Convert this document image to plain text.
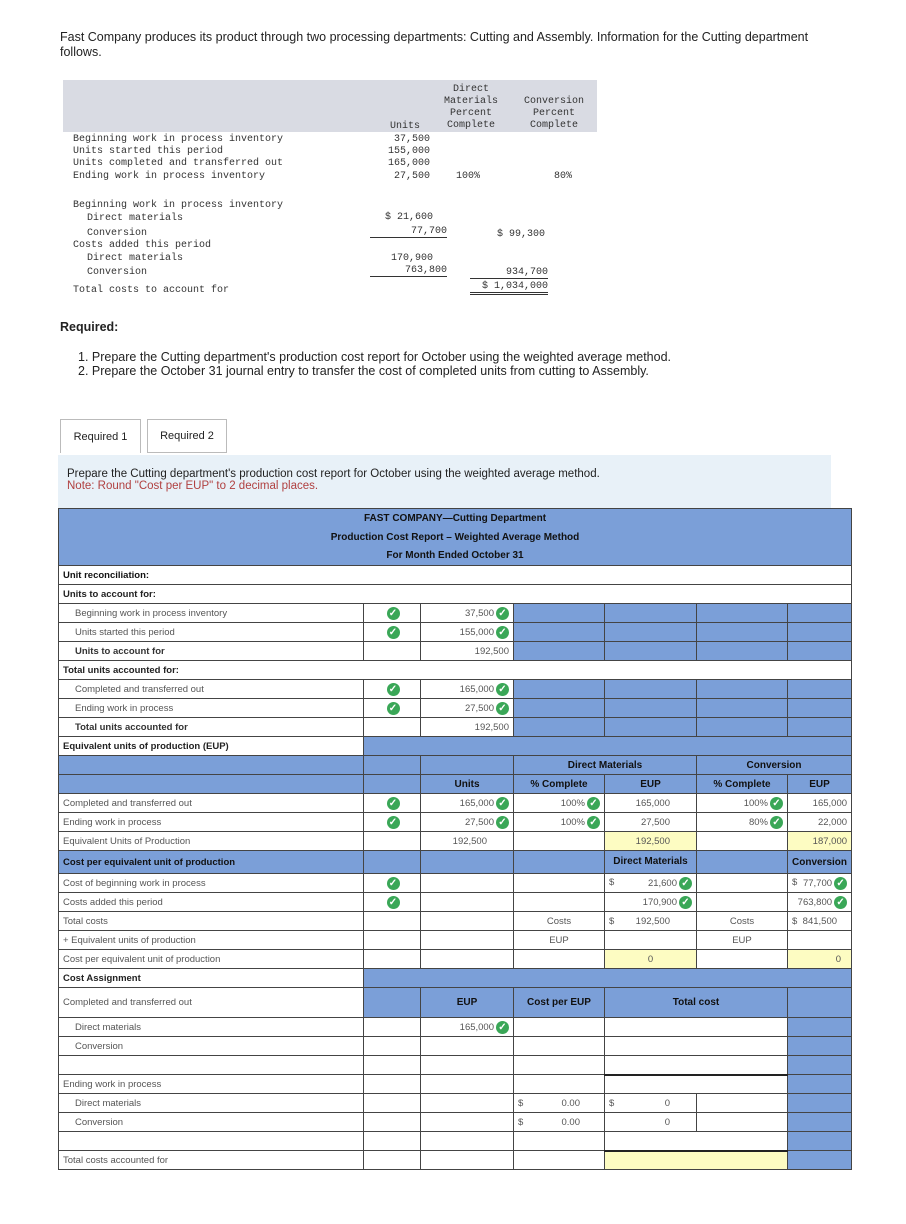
Fast Company produces its product through two processing departments: Cutting and Assembly. Information for the Cutting department follows.
Units
Direct
Materials
Percent
Complete
Conversion
Percent
Complete
Beginning work in process inventory	37,500
Units started this period	155,000
Units completed and transferred out	165,000
Ending work in process inventory	27,500	100%	80%
Beginning work in process inventory
Direct materials	$ 21,600
Conversion	77,700	$ 99,300
Costs added this period
Direct materials	170,900
Conversion	763,800	934,700
Total costs to account for	$ 1,034,000
Required:
1. Prepare the Cutting department's production cost report for October using the weighted average method.
2. Prepare the October 31 journal entry to transfer the cost of completed units from cutting to Assembly.
Required 1	Required 2
Prepare the Cutting department's production cost report for October using the weighted average method.
Note: Round "Cost per EUP" to 2 decimal places.
FAST COMPANY—Cutting Department						
Production Cost Report – Weighted Average Method						
For Month Ended October 31						
Unit reconciliation:						
Units to account for:						
Beginning work in process inventory	✓	37,500 ✓				
Units started this period	✓	155,000 ✓				
Units to account for		192,500				
Total units accounted for:						
Completed and transferred out	✓	165,000 ✓				
Ending work in process	✓	27,500 ✓				
Total units accounted for		192,500				
Equivalent units of production (EUP)						
			Direct Materials		Conversion	
		Units	% Complete	EUP	% Complete	EUP
Completed and transferred out	✓	165,000 ✓	100% ✓	165,000	100% ✓	165,000
Ending work in process	✓	27,500 ✓	100% ✓	27,500	80% ✓	22,000
Equivalent Units of Production		192,500		192,500		187,000
Cost per equivalent unit of production				Direct Materials		Conversion
Cost of beginning work in process	✓			$ 21,600 ✓		$ 77,700 ✓
Costs added this period	✓			170,900 ✓		763,800 ✓
Total costs			Costs	$ 192,500	Costs	$ 841,500
+ Equivalent units of production			EUP		EUP	
Cost per equivalent unit of production				0		0
Cost Assignment						
Completed and transferred out		EUP	Cost per EUP	Total cost		
Direct materials		165,000 ✓				
Conversion						

Ending work in process						
Direct materials			$ 0.00	$ 0		
Conversion			$ 0.00	0		

Total costs accounted for						
